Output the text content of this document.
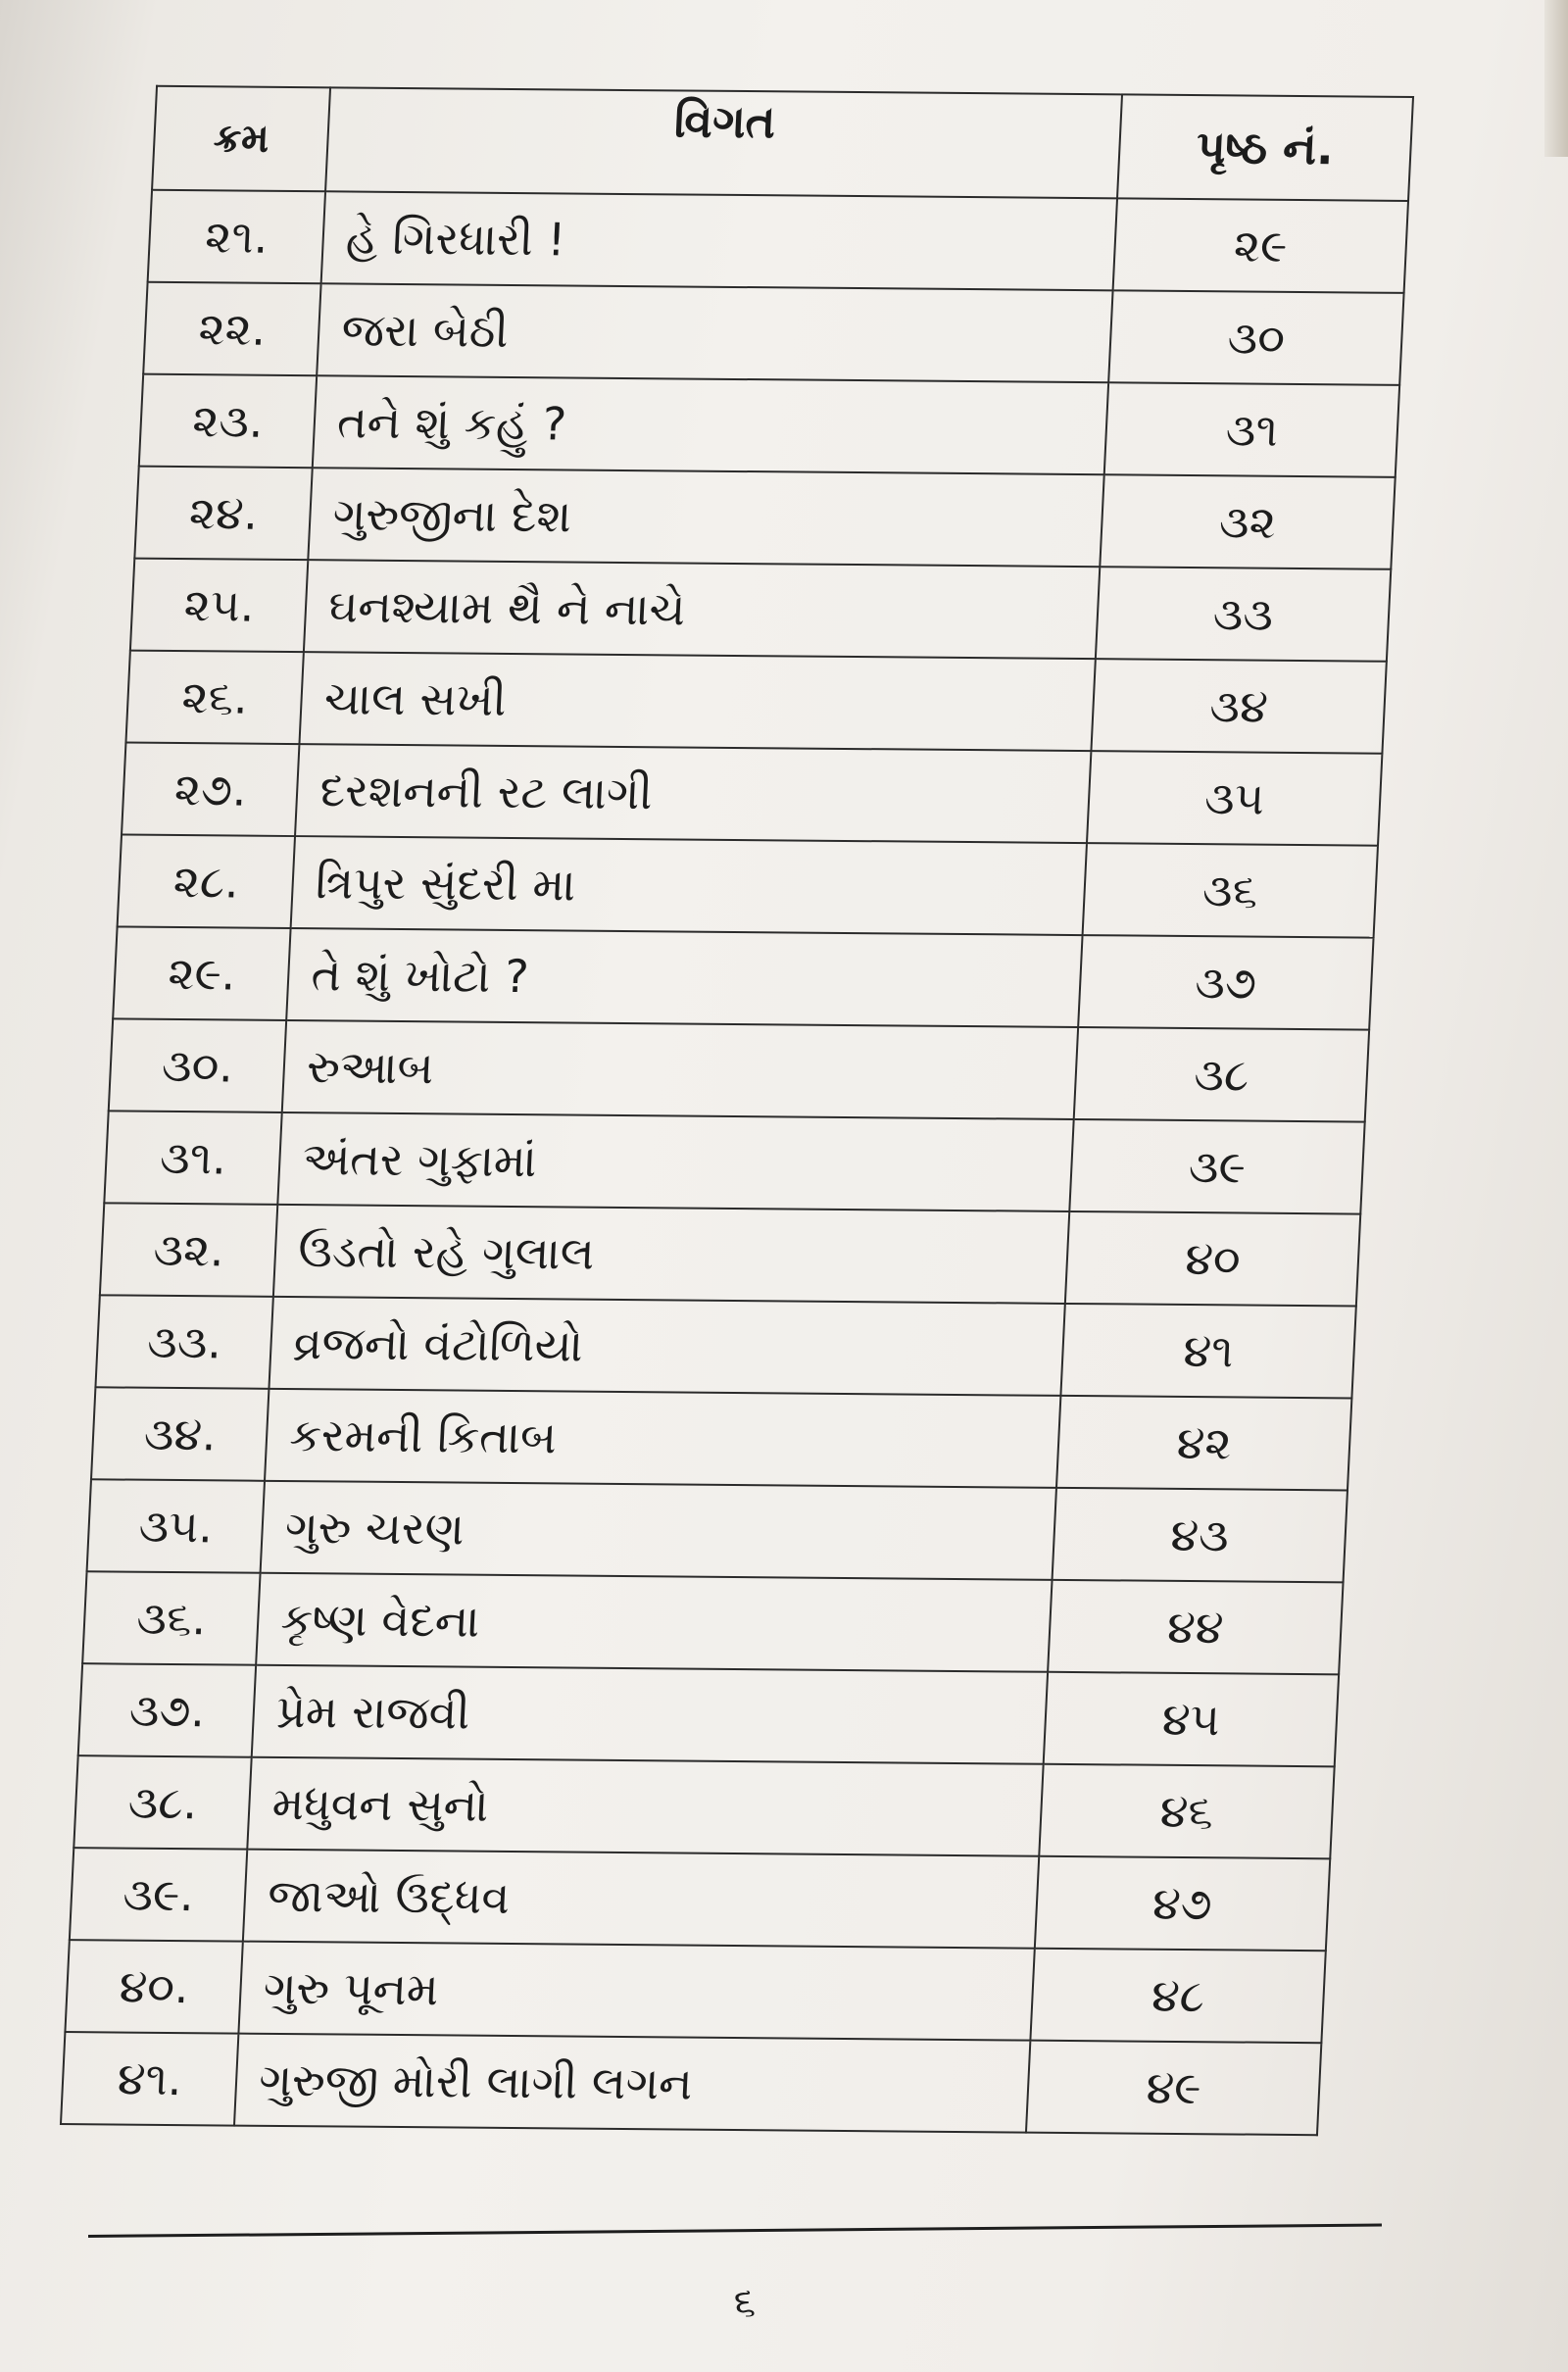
ક્રમ	વિગત	પૃષ્ઠ નં.
૨૧.	હે ગિરધારી !	૨૯
૨૨.	જરા બેઠી	૩૦
૨૩.	તને શું કહું ?	૩૧
૨૪.	ગુરુજીના દેશ	૩૨
૨૫.	ઘનશ્યામ થૈ ને નાચે	૩૩
૨૬.	ચાલ સખી	૩૪
૨૭.	દરશનની રટ લાગી	૩૫
૨૮.	ત્રિપુર સુંદરી મા	૩૬
૨૯.	તે શું ખોટો ?	૩૭
૩૦.	રુઆબ	૩૮
૩૧.	અંતર ગુફામાં	૩૯
૩૨.	ઉડતો રહે ગુલાલ	૪૦
૩૩.	વ્રજનો વંટોળિયો	૪૧
૩૪.	કરમની કિતાબ	૪૨
૩૫.	ગુરુ ચરણ	૪૩
૩૬.	કૃષ્ણ વેદના	૪૪
૩૭.	પ્રેમ રાજવી	૪૫
૩૮.	મધુવન સુનો	૪૬
૩૯.	જાઓ ઉદ્ધવ	૪૭
૪૦.	ગુરુ પૂનમ	૪૮
૪૧.	ગુરુજી મોરી લાગી લગન	૪૯
૬
